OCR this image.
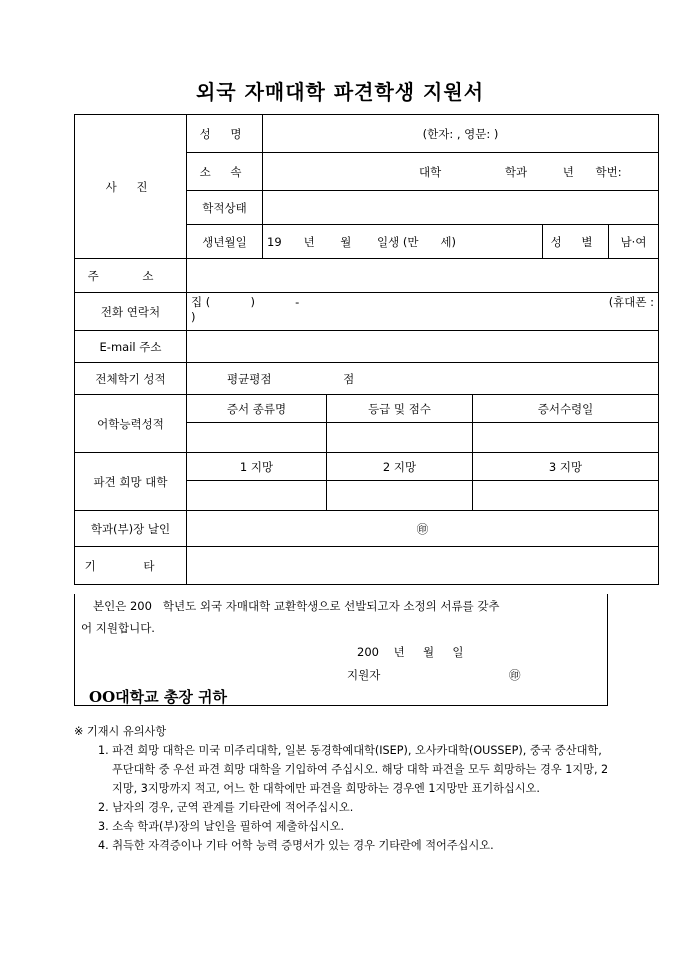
외국 자매대학 파견학생 지원서
사 진	성 명	(한자: , 영문: )				
	소 속	대학 학과 년 학번:				
	학적상태					
	생년월일	19      년       월       일생 (만      세)			성 별	남·여
주 소						
전화 연락처	집 (           )           - (휴대폰 :
)					

E-mail 주소						
전체학기 성적	평균평점 점					
어학능력성적	증서 종류명		등급 및 점수	증서수령일		

파견 희망 대학	1 지망		2 지망	3 지망		

학과(부)장 날인	㊞					
기 타						
본인은 200   학년도 외국 자매대학 교환학생으로 선발되고자 소정의 서류를 갖추
어 지원합니다.
200    년     월     일
지원자	㊞
OO대학교 총장 귀하
※ 기재시 유의사항
1. 파견 희망 대학은 미국 미주리대학, 일본 동경학예대학(ISEP), 오사카대학(OUSSEP), 중국 중산대학, 푸단대학 중 우선 파견 희망 대학을 기입하여 주십시오. 해당 대학 파견을 모두 희망하는 경우 1지망, 2지망, 3지망까지 적고, 어느 한 대학에만 파견을 희망하는 경우엔 1지망만 표기하십시오.
2. 남자의 경우, 군역 관계를 기타란에 적어주십시오.
3. 소속 학과(부)장의 날인을 필하여 제출하십시오.
4. 취득한 자격증이나 기타 어학 능력 증명서가 있는 경우 기타란에 적어주십시오.
